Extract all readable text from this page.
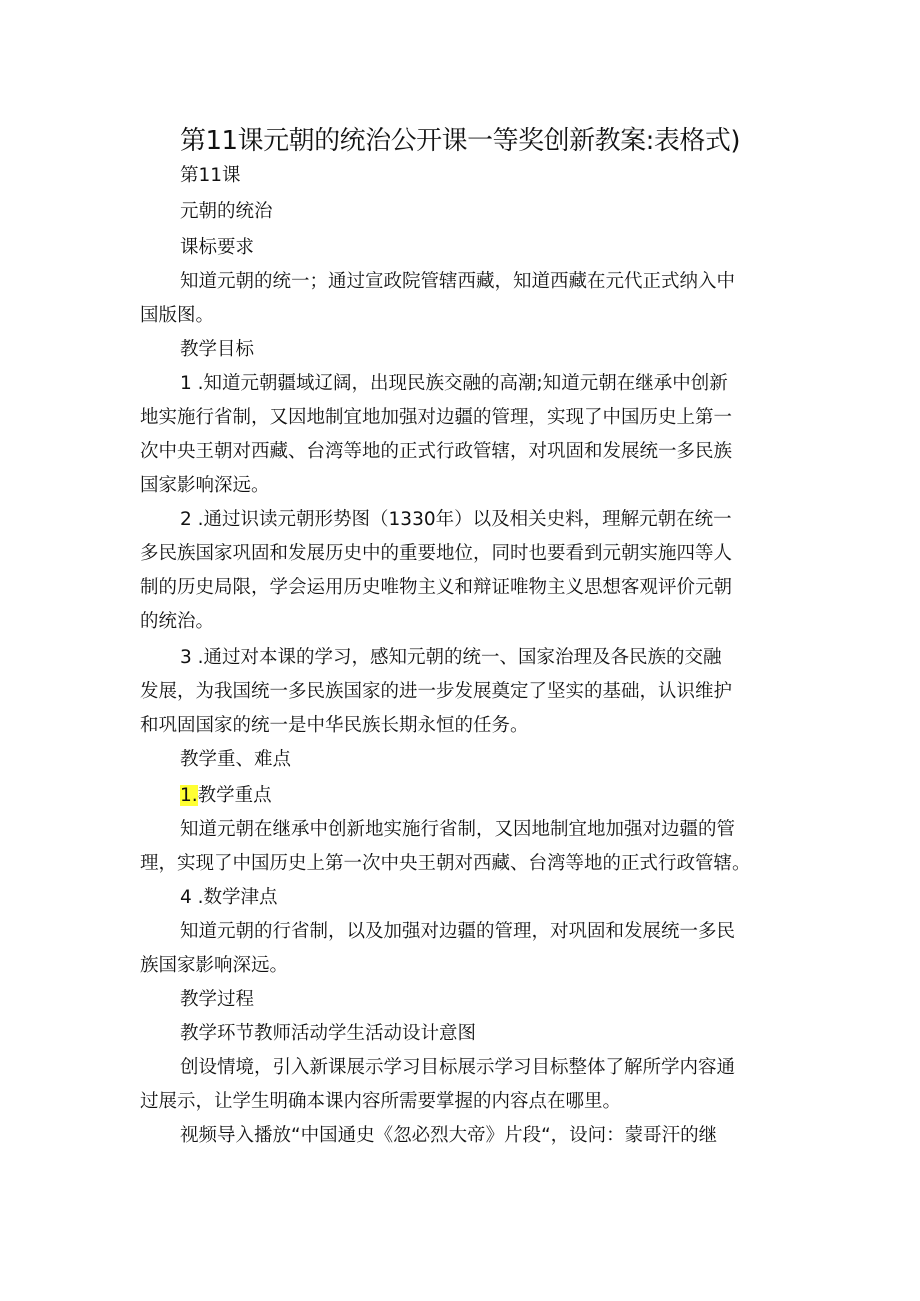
第11课元朝的统治公开课一等奖创新教案:表格式)
第11课
元朝的统治
课标要求
知道元朝的统一；通过宣政院管辖西藏，知道西藏在元代正式纳入中
国版图。
教学目标
1 .知道元朝疆域辽阔，出现民族交融的高潮;知道元朝在继承中创新
地实施行省制，又因地制宜地加强对边疆的管理，实现了中国历史上第一
次中央王朝对西藏、台湾等地的正式行政管辖，对巩固和发展统一多民族
国家影响深远。
2 .通过识读元朝形势图（1330年）以及相关史料，理解元朝在统一
多民族国家巩固和发展历史中的重要地位，同时也要看到元朝实施四等人
制的历史局限，学会运用历史唯物主义和辩证唯物主义思想客观评价元朝
的统治。
3 .通过对本课的学习，感知元朝的统一、国家治理及各民族的交融
发展，为我国统一多民族国家的进一步发展奠定了坚实的基础，认识维护
和巩固国家的统一是中华民族长期永恒的任务。
教学重、难点
1.教学重点
知道元朝在继承中创新地实施行省制，又因地制宜地加强对边疆的管
理，实现了中国历史上第一次中央王朝对西藏、台湾等地的正式行政管辖。
4 .数学津点
知道元朝的行省制，以及加强对边疆的管理，对巩固和发展统一多民
族国家影响深远。
教学过程
教学环节教师活动学生活动设计意图
创设情境，引入新课展示学习目标展示学习目标整体了解所学内容通
过展示，让学生明确本课内容所需要掌握的内容点在哪里。
视频导入播放“中国通史《忽必烈大帝》片段“，设问：蒙哥汗的继
